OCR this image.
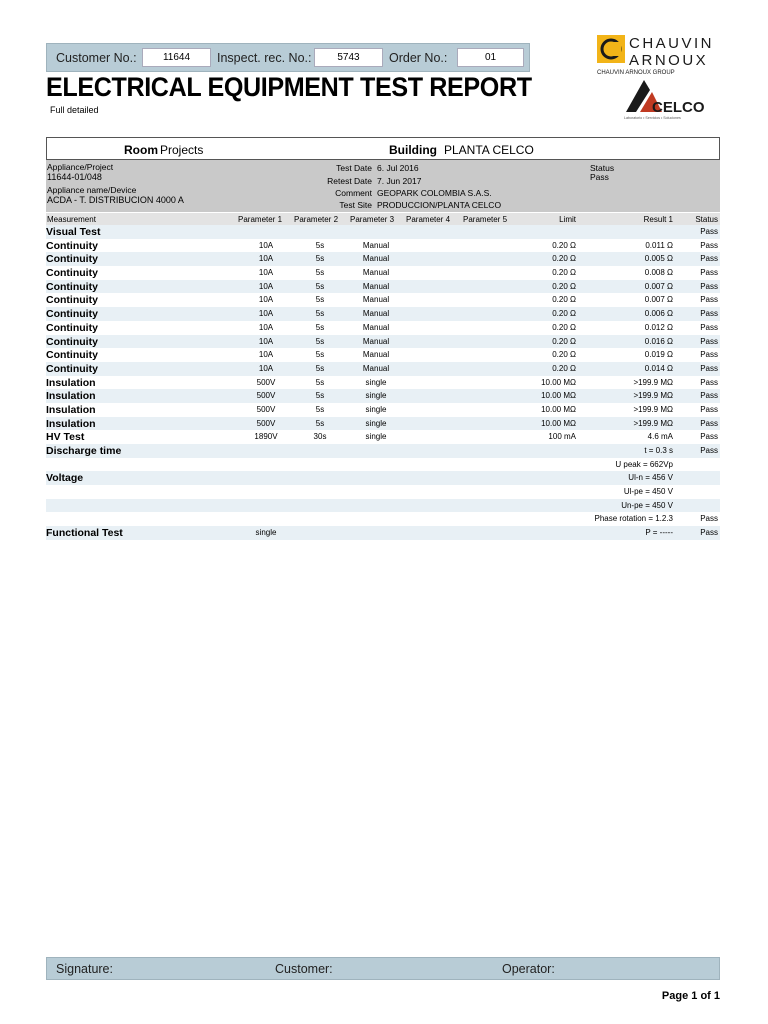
Customer No.:	11644	Inspect. rec. No.:	5743	Order No.:	01
ELECTRICAL EQUIPMENT TEST REPORT
Full detailed
CHAUVIN
ARNOUX
CHAUVIN ARNOUX GROUP
CELCO
Laboratorio • Servicios • Soluciones
Room Projects	Building PLANTA CELCO
Appliance/Project
11644-01/048
Appliance name/Device
ACDA - T. DISTRIBUCION 4000 A
Test Date 6. Jul 2016
Retest Date 7. Jun 2017
Comment GEOPARK COLOMBIA S.A.S.
Test Site PRODUCCION/PLANTA CELCO
Status
Pass
Measurement	Parameter 1 Parameter 2 Parameter 3 Parameter 4 Parameter 5	Limit	Result 1	Status
Visual Test	Pass
Continuity	10A	5s	Manual	0.20 Ω	0.011 Ω	Pass
Continuity	10A	5s	Manual	0.20 Ω	0.005 Ω	Pass
Continuity	10A	5s	Manual	0.20 Ω	0.008 Ω	Pass
Continuity	10A	5s	Manual	0.20 Ω	0.007 Ω	Pass
Continuity	10A	5s	Manual	0.20 Ω	0.007 Ω	Pass
Continuity	10A	5s	Manual	0.20 Ω	0.006 Ω	Pass
Continuity	10A	5s	Manual	0.20 Ω	0.012 Ω	Pass
Continuity	10A	5s	Manual	0.20 Ω	0.016 Ω	Pass
Continuity	10A	5s	Manual	0.20 Ω	0.019 Ω	Pass
Continuity	10A	5s	Manual	0.20 Ω	0.014 Ω	Pass
Insulation	500V	5s	single	10.00 MΩ	>199.9 MΩ	Pass
Insulation	500V	5s	single	10.00 MΩ	>199.9 MΩ	Pass
Insulation	500V	5s	single	10.00 MΩ	>199.9 MΩ	Pass
Insulation	500V	5s	single	10.00 MΩ	>199.9 MΩ	Pass
HV Test	1890V	30s	single	100 mA	4.6 mA	Pass
Discharge time	t = 0.3 s	Pass
U peak = 662Vp
Voltage	Ul-n = 456 V
Ul-pe = 450 V
Un-pe = 450 V
Phase rotation = 1.2.3	Pass
Functional Test	single	P = -----	Pass
Signature:	Customer:	Operator:
Page 1 of 1
